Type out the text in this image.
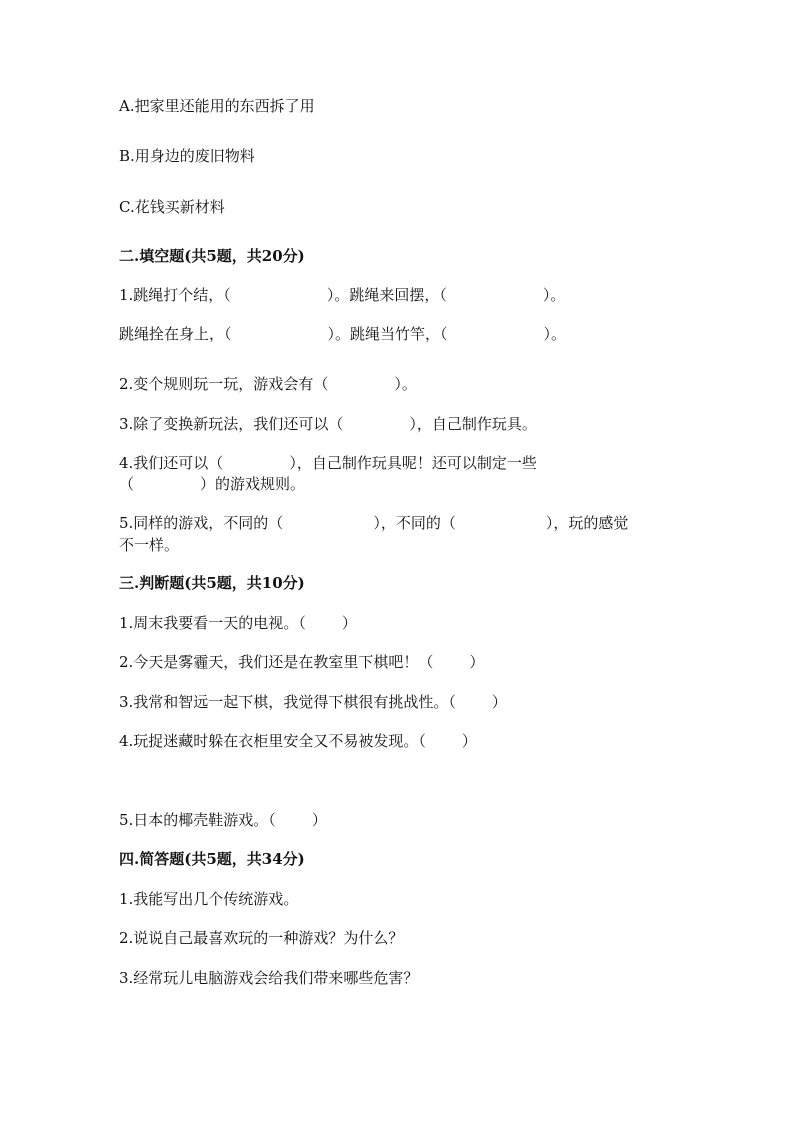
A.把家里还能用的东西拆了用
B.用身边的废旧物料
C.花钱买新材料
二.填空题(共5题，共20分)
1.跳绳打个结，（	）。跳绳来回摆，（	）。
跳绳拴在身上，（	）。跳绳当竹竿，（	）。
2.变个规则玩一玩，游戏会有（	）。
3.除了变换新玩法，我们还可以（	），自己制作玩具。
4.我们还可以（	），自己制作玩具呢！还可以制定一些
（	）的游戏规则。
5.同样的游戏，不同的（	），不同的（	），玩的感觉
不一样。
三.判断题(共5题，共10分)
1.周末我要看一天的电视。（ ）
2.今天是雾霾天，我们还是在教室里下棋吧！（ ）
3.我常和智远一起下棋，我觉得下棋很有挑战性。（ ）
4.玩捉迷藏时躲在衣柜里安全又不易被发现。（ ）
5.日本的椰壳鞋游戏。（ ）
四.简答题(共5题，共34分)
1.我能写出几个传统游戏。
2.说说自己最喜欢玩的一种游戏？为什么？
3.经常玩儿电脑游戏会给我们带来哪些危害？
